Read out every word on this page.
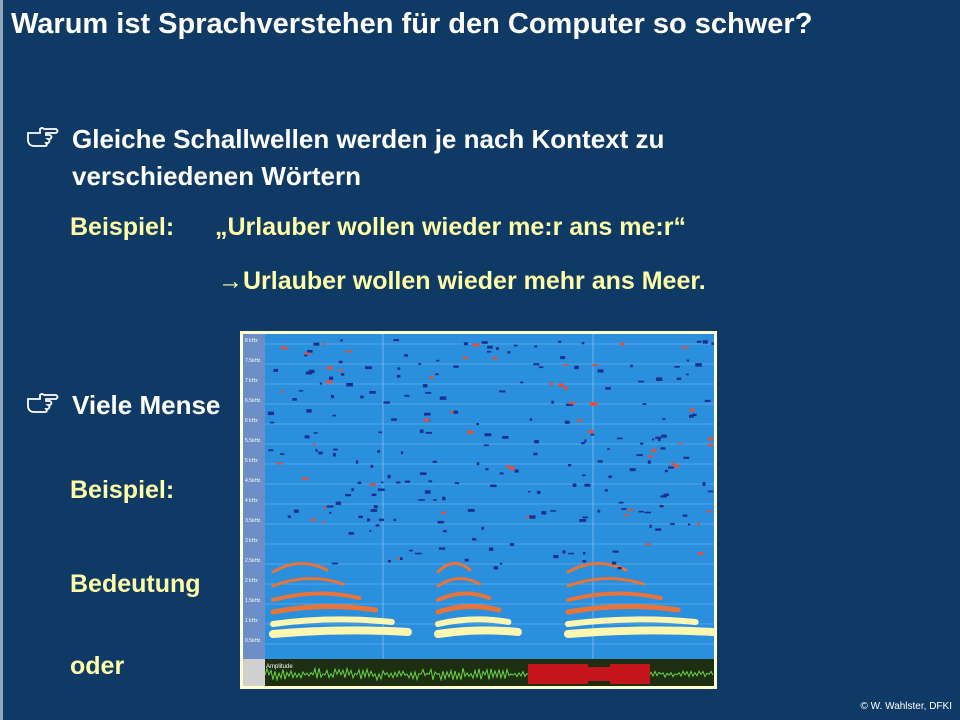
Warum ist Sprachverstehen für den Computer so schwer?
Gleiche Schallwellen werden je nach Kontext zu verschiedenen Wörtern
Beispiel: „Urlauber wollen wieder me:r ans me:r“
→Urlauber wollen wieder mehr ans Meer.
Viele Mense
Beispiel:
Bedeutung
oder
8 kHz
7.5kHz
7 kHz
6.5kHz
6 kHz
5.5kHz
5 kHz
4.5kHz
4 kHz
3.5kHz
3 kHz
2.5kHz
2 kHz
1.5kHz
1 kHz
0.5kHz
Amplitude
© W. Wahlster, DFKI
